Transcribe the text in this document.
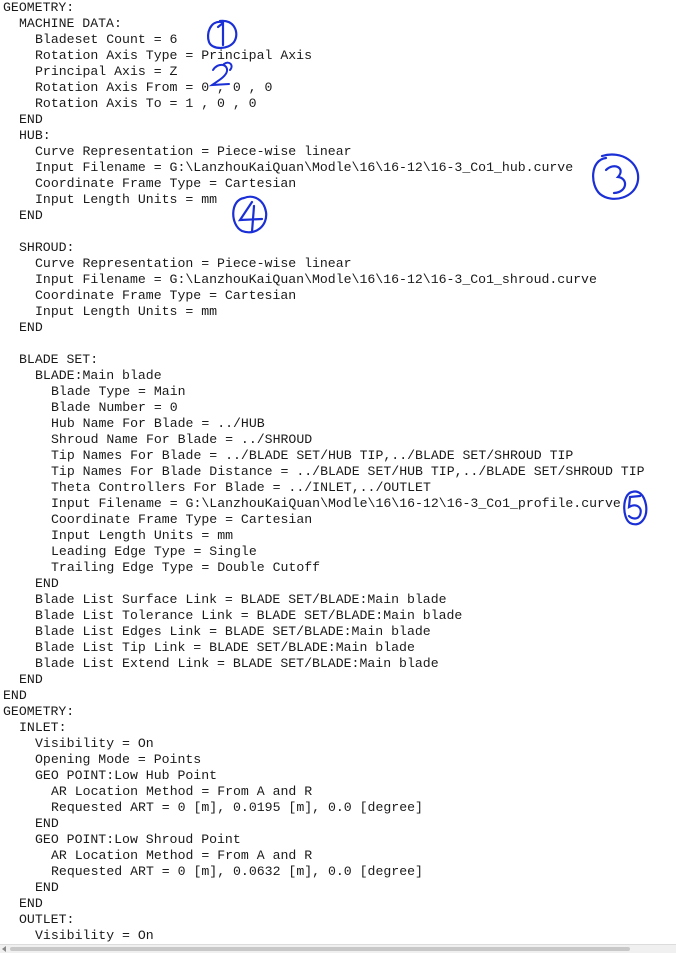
GEOMETRY:
MACHINE DATA:
Bladeset Count = 6
Rotation Axis Type = Principal Axis
Principal Axis = Z
Rotation Axis From = 0 , 0 , 0
Rotation Axis To = 1 , 0 , 0
END
HUB:
Curve Representation = Piece-wise linear
Input Filename = G:\LanzhouKaiQuan\Modle\16\16-12\16-3_Co1_hub.curve
Coordinate Frame Type = Cartesian
Input Length Units = mm
END
SHROUD:
Curve Representation = Piece-wise linear
Input Filename = G:\LanzhouKaiQuan\Modle\16\16-12\16-3_Co1_shroud.curve
Coordinate Frame Type = Cartesian
Input Length Units = mm
END
BLADE SET:
BLADE:Main blade
Blade Type = Main
Blade Number = 0
Hub Name For Blade = ../HUB
Shroud Name For Blade = ../SHROUD
Tip Names For Blade = ../BLADE SET/HUB TIP,../BLADE SET/SHROUD TIP
Tip Names For Blade Distance = ../BLADE SET/HUB TIP,../BLADE SET/SHROUD TIP
Theta Controllers For Blade = ../INLET,../OUTLET
Input Filename = G:\LanzhouKaiQuan\Modle\16\16-12\16-3_Co1_profile.curve
Coordinate Frame Type = Cartesian
Input Length Units = mm
Leading Edge Type = Single
Trailing Edge Type = Double Cutoff
END
Blade List Surface Link = BLADE SET/BLADE:Main blade
Blade List Tolerance Link = BLADE SET/BLADE:Main blade
Blade List Edges Link = BLADE SET/BLADE:Main blade
Blade List Tip Link = BLADE SET/BLADE:Main blade
Blade List Extend Link = BLADE SET/BLADE:Main blade
END
END
GEOMETRY:
INLET:
Visibility = On
Opening Mode = Points
GEO POINT:Low Hub Point
AR Location Method = From A and R
Requested ART = 0 [m], 0.0195 [m], 0.0 [degree]
END
GEO POINT:Low Shroud Point
AR Location Method = From A and R
Requested ART = 0 [m], 0.0632 [m], 0.0 [degree]
END
END
OUTLET:
Visibility = On
